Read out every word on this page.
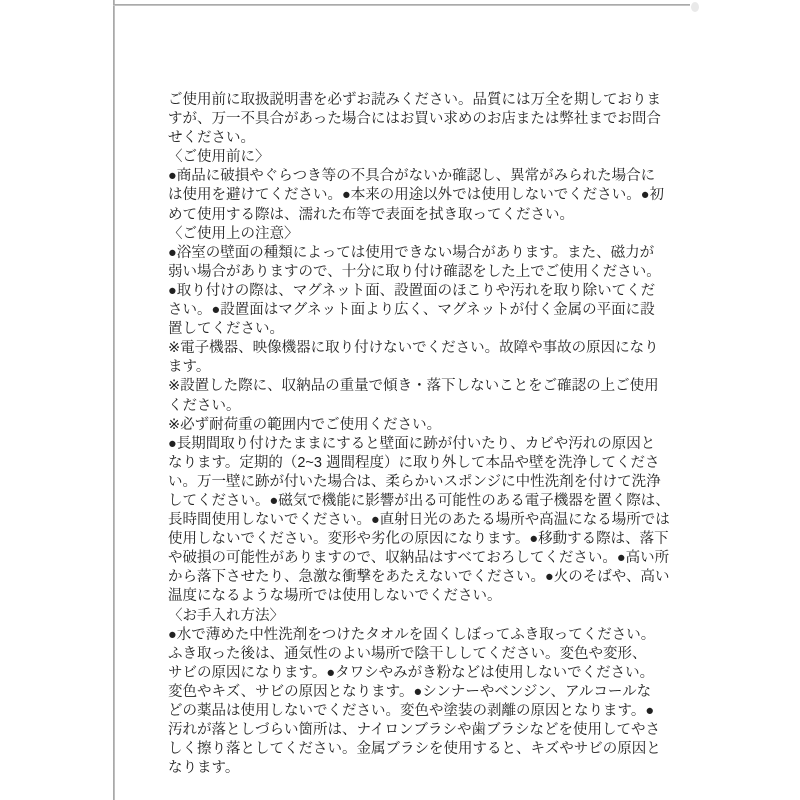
ご使用前に取扱説明書を必ずお読みください。品質には万全を期しておりま
すが、万一不具合があった場合にはお買い求めのお店または弊社までお問合
せください。
〈ご使用前に〉
●商品に破損やぐらつき等の不具合がないか確認し、異常がみられた場合に
は使用を避けてください。●本来の用途以外では使用しないでください。●初
めて使用する際は、濡れた布等で表面を拭き取ってください。
〈ご使用上の注意〉
●浴室の壁面の種類によっては使用できない場合があります。また、磁力が
弱い場合がありますので、十分に取り付け確認をした上でご使用ください。
●取り付けの際は、マグネット面、設置面のほこりや汚れを取り除いてくだ
さい。●設置面はマグネット面より広く、マグネットが付く金属の平面に設
置してください。
※電子機器、映像機器に取り付けないでください。故障や事故の原因になり
ます。
※設置した際に、収納品の重量で傾き・落下しないことをご確認の上ご使用
ください。
※必ず耐荷重の範囲内でご使用ください。
●長期間取り付けたままにすると壁面に跡が付いたり、カビや汚れの原因と
なります。定期的（2~3 週間程度）に取り外して本品や壁を洗浄してくださ
い。万一壁に跡が付いた場合は、柔らかいスポンジに中性洗剤を付けて洗浄
してください。●磁気で機能に影響が出る可能性のある電子機器を置く際は、
長時間使用しないでください。●直射日光のあたる場所や高温になる場所では
使用しないでください。変形や劣化の原因になります。●移動する際は、落下
や破損の可能性がありますので、収納品はすべておろしてください。●高い所
から落下させたり、急激な衝撃をあたえないでください。●火のそばや、高い
温度になるような場所では使用しないでください。
〈お手入れ方法〉
●水で薄めた中性洗剤をつけたタオルを固くしぼってふき取ってください。
ふき取った後は、通気性のよい場所で陰干ししてください。変色や変形、
サビの原因になります。●タワシやみがき粉などは使用しないでください。
変色やキズ、サビの原因となります。●シンナーやベンジン、アルコールな
どの薬品は使用しないでください。変色や塗装の剥離の原因となります。●
汚れが落としづらい箇所は、ナイロンブラシや歯ブラシなどを使用してやさ
しく擦り落としてください。金属ブラシを使用すると、キズやサビの原因と
なります。
